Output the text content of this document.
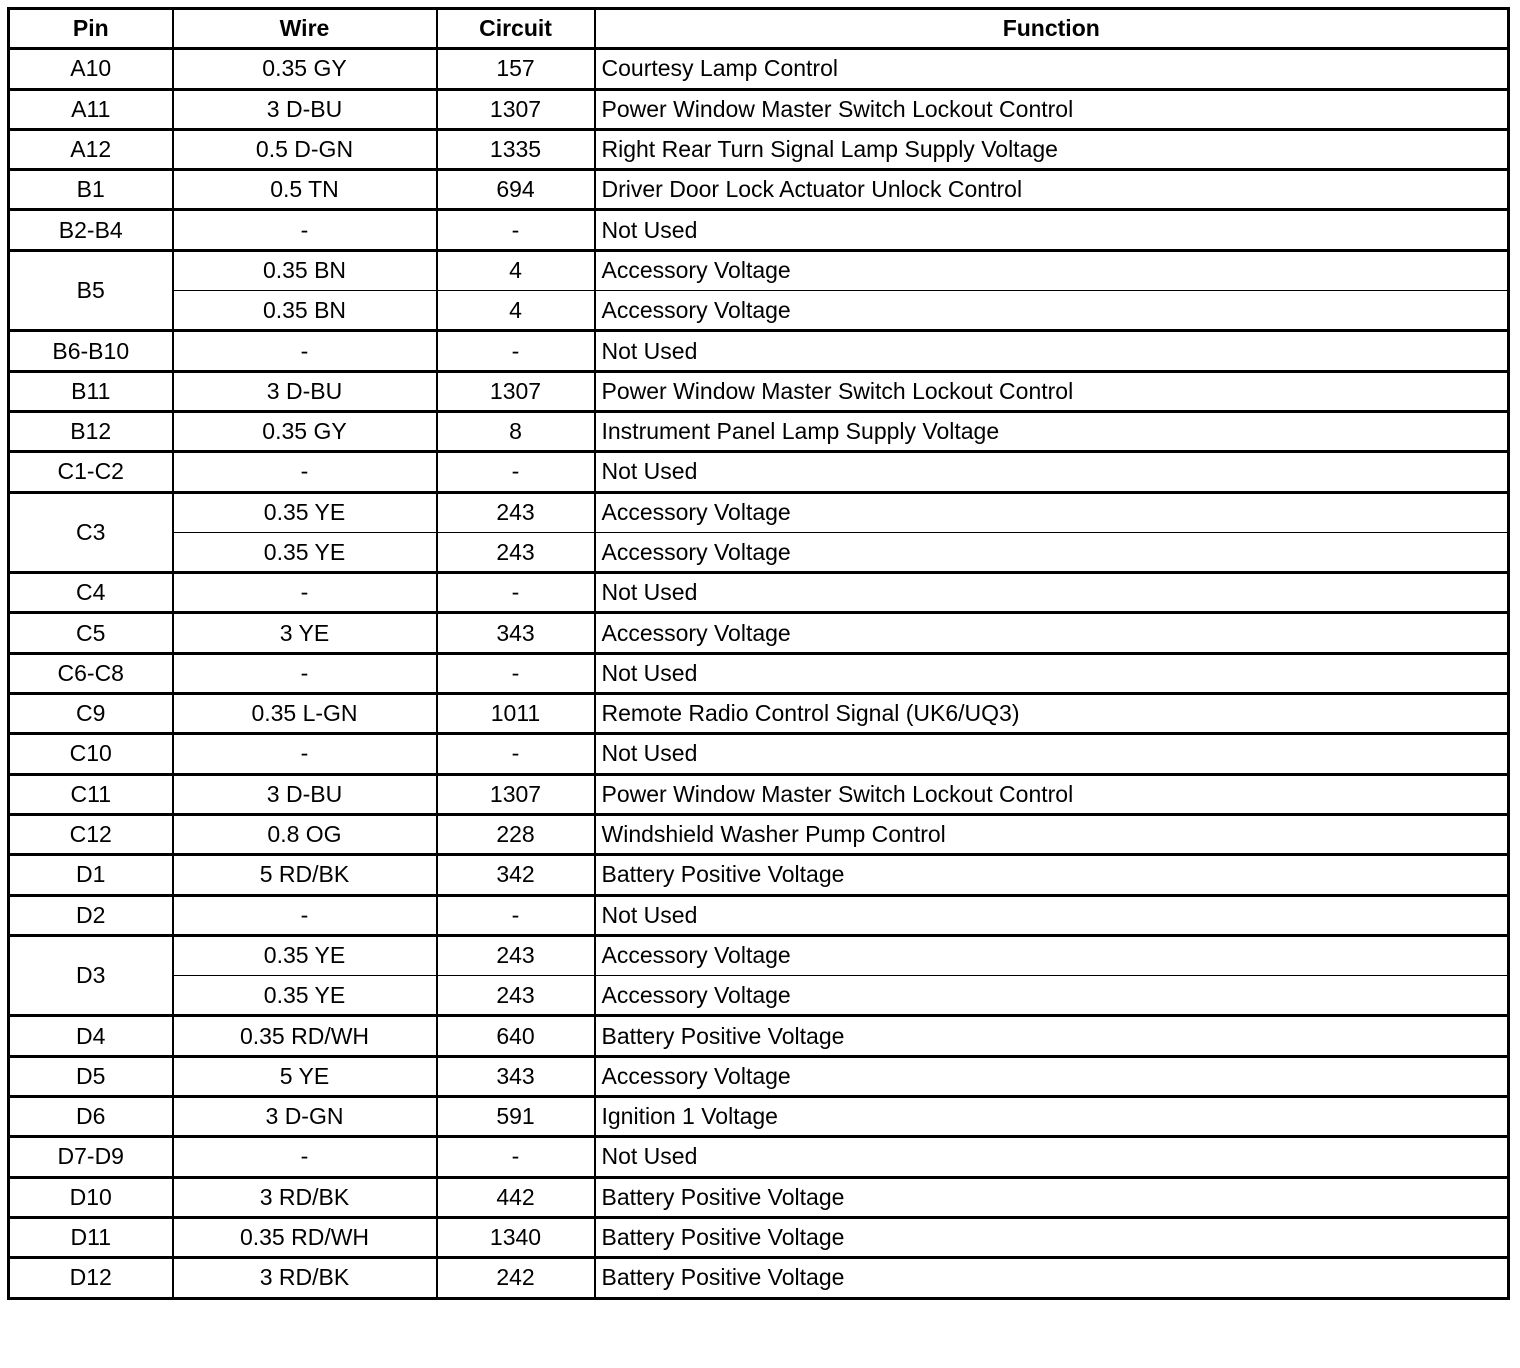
Pin	Wire	Circuit	Function
A10	0.35 GY	157	Courtesy Lamp Control
A11	3 D-BU	1307	Power Window Master Switch Lockout Control
A12	0.5 D-GN	1335	Right Rear Turn Signal Lamp Supply Voltage
B1	0.5 TN	694	Driver Door Lock Actuator Unlock Control
B2-B4	-	-	Not Used
B5	0.35 BN	4	Accessory Voltage
	0.35 BN	4	Accessory Voltage
B6-B10	-	-	Not Used
B11	3 D-BU	1307	Power Window Master Switch Lockout Control
B12	0.35 GY	8	Instrument Panel Lamp Supply Voltage
C1-C2	-	-	Not Used
C3	0.35 YE	243	Accessory Voltage
	0.35 YE	243	Accessory Voltage
C4	-	-	Not Used
C5	3 YE	343	Accessory Voltage
C6-C8	-	-	Not Used
C9	0.35 L-GN	1011	Remote Radio Control Signal (UK6/UQ3)
C10	-	-	Not Used
C11	3 D-BU	1307	Power Window Master Switch Lockout Control
C12	0.8 OG	228	Windshield Washer Pump Control
D1	5 RD/BK	342	Battery Positive Voltage
D2	-	-	Not Used
D3	0.35 YE	243	Accessory Voltage
	0.35 YE	243	Accessory Voltage
D4	0.35 RD/WH	640	Battery Positive Voltage
D5	5 YE	343	Accessory Voltage
D6	3 D-GN	591	Ignition 1 Voltage
D7-D9	-	-	Not Used
D10	3 RD/BK	442	Battery Positive Voltage
D11	0.35 RD/WH	1340	Battery Positive Voltage
D12	3 RD/BK	242	Battery Positive Voltage
